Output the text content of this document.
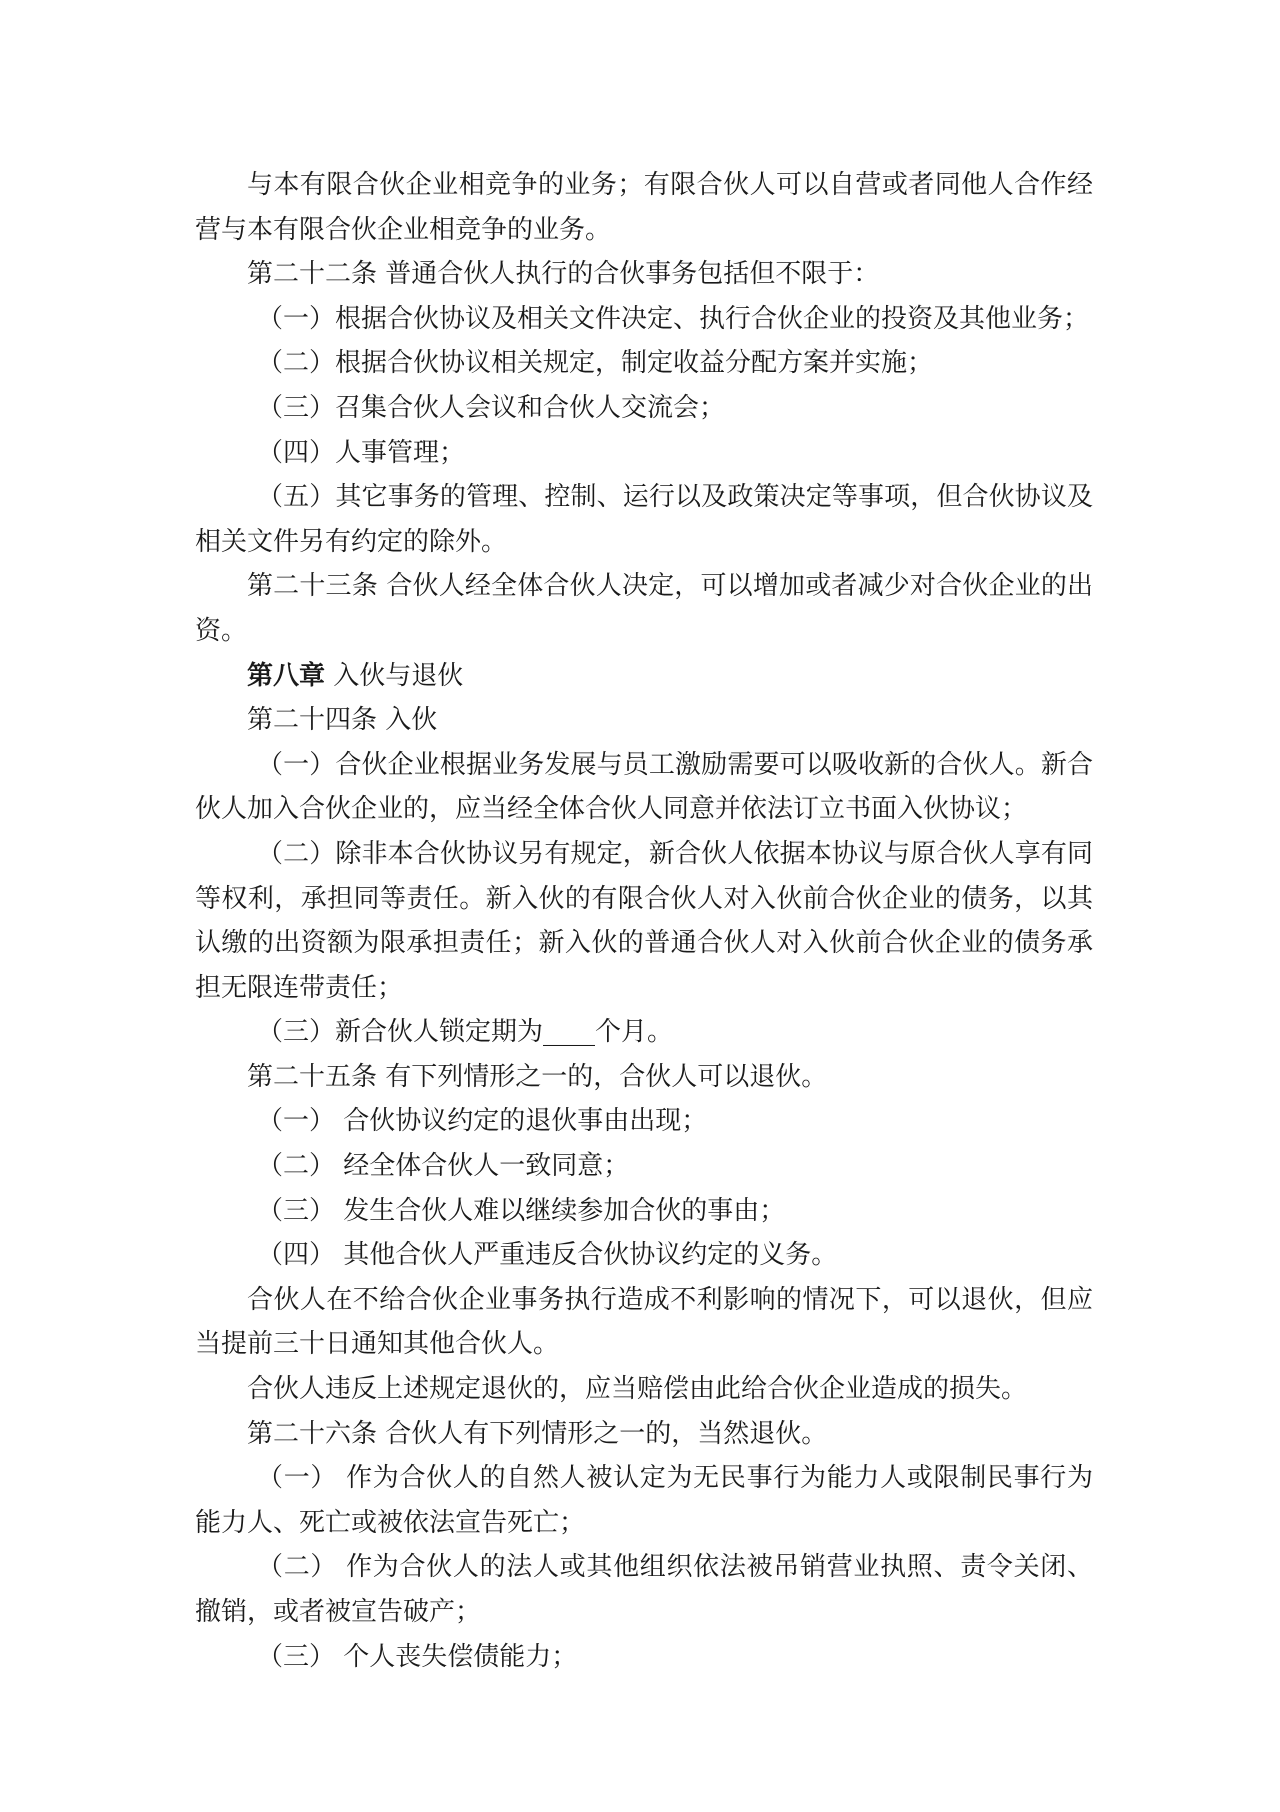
与本有限合伙企业相竞争的业务；有限合伙人可以自营或者同他人合作经营与本有限合伙企业相竞争的业务。

第二十二条 普通合伙人执行的合伙事务包括但不限于：

（一）根据合伙协议及相关文件决定、执行合伙企业的投资及其他业务；

（二）根据合伙协议相关规定，制定收益分配方案并实施；

（三）召集合伙人会议和合伙人交流会；

（四）人事管理；

（五）其它事务的管理、控制、运行以及政策决定等事项，但合伙协议及相关文件另有约定的除外。

第二十三条 合伙人经全体合伙人决定，可以增加或者减少对合伙企业的出资。

第八章 入伙与退伙

第二十四条 入伙

（一）合伙企业根据业务发展与员工激励需要可以吸收新的合伙人。新合伙人加入合伙企业的，应当经全体合伙人同意并依法订立书面入伙协议；

（二）除非本合伙协议另有规定，新合伙人依据本协议与原合伙人享有同等权利，承担同等责任。新入伙的有限合伙人对入伙前合伙企业的债务，以其认缴的出资额为限承担责任；新入伙的普通合伙人对入伙前合伙企业的债务承担无限连带责任；

（三）新合伙人锁定期为____个月。

第二十五条 有下列情形之一的，合伙人可以退伙。

（一） 合伙协议约定的退伙事由出现；

（二） 经全体合伙人一致同意；

（三） 发生合伙人难以继续参加合伙的事由；

（四） 其他合伙人严重违反合伙协议约定的义务。

合伙人在不给合伙企业事务执行造成不利影响的情况下，可以退伙，但应当提前三十日通知其他合伙人。

合伙人违反上述规定退伙的，应当赔偿由此给合伙企业造成的损失。

第二十六条 合伙人有下列情形之一的，当然退伙。

（一） 作为合伙人的自然人被认定为无民事行为能力人或限制民事行为能力人、死亡或被依法宣告死亡；

（二） 作为合伙人的法人或其他组织依法被吊销营业执照、责令关闭、撤销，或者被宣告破产；

（三） 个人丧失偿债能力；
